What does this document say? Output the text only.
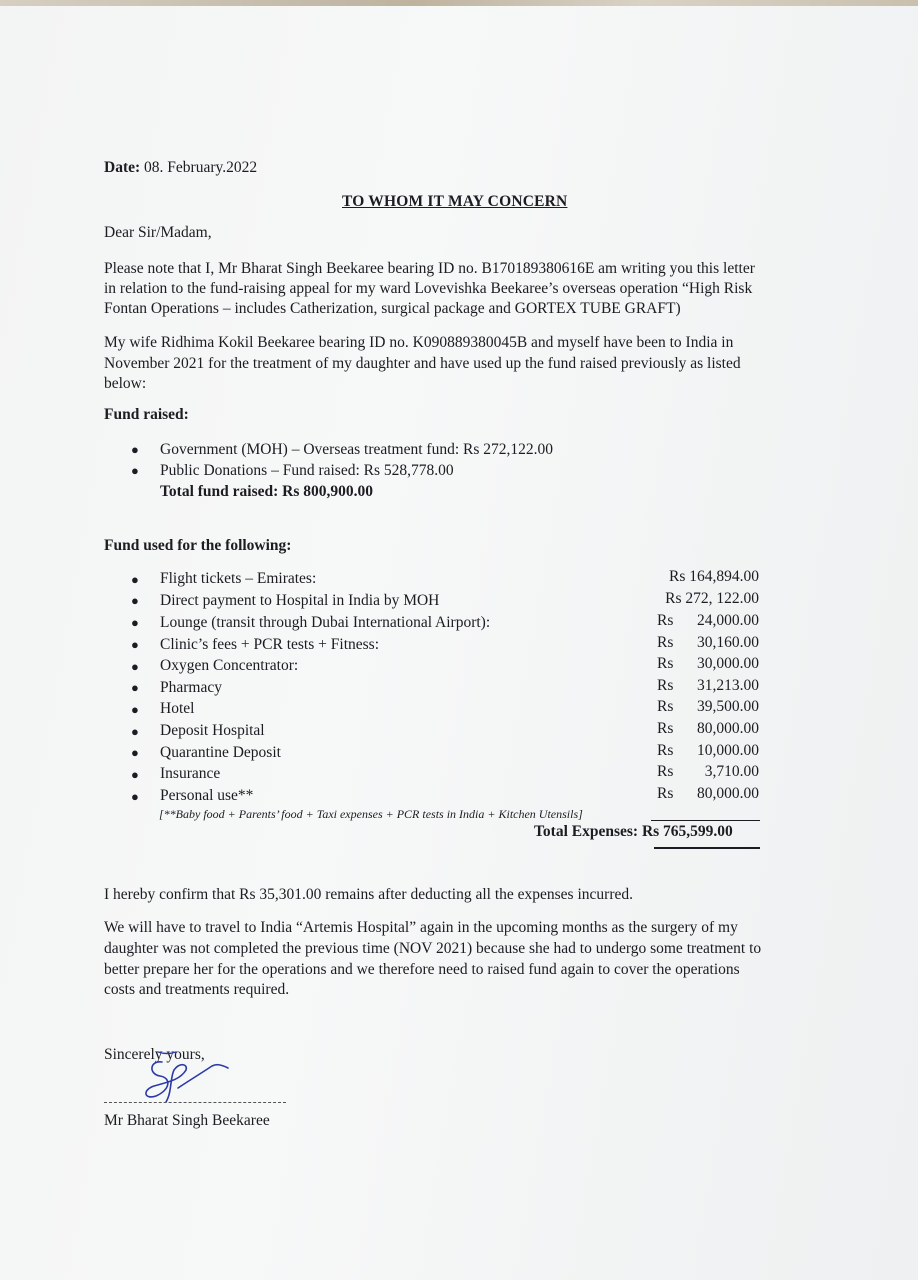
Date: 08. February.2022
TO WHOM IT MAY CONCERN
Dear Sir/Madam,
Please note that I, Mr Bharat Singh Beekaree bearing ID no. B170189380616E am writing you this letter
in relation to the fund-raising appeal for my ward Lovevishka Beekaree’s overseas operation “High Risk
Fontan Operations – includes Catherization, surgical package and GORTEX TUBE GRAFT)
My wife Ridhima Kokil Beekaree bearing ID no. K090889380045B and myself have been to India in
November 2021 for the treatment of my daughter and have used up the fund raised previously as listed
below:
Fund raised:
● Government (MOH) – Overseas treatment fund: Rs 272,122.00
● Public Donations – Fund raised: Rs 528,778.00
Total fund raised: Rs 800,900.00
Fund used for the following:
● Flight tickets – Emirates:	Rs 164,894.00
● Direct payment to Hospital in India by MOH	Rs 272, 122.00
● Lounge (transit through Dubai International Airport):	Rs 24,000.00
● Clinic’s fees + PCR tests + Fitness:	Rs 30,160.00
● Oxygen Concentrator:	Rs 30,000.00
● Pharmacy	Rs 31,213.00
● Hotel	Rs 39,500.00
● Deposit Hospital	Rs 80,000.00
● Quarantine Deposit	Rs 10,000.00
● Insurance	Rs 3,710.00
● Personal use**	Rs 80,000.00
[**Baby food + Parents’ food + Taxi expenses + PCR tests in India + Kitchen Utensils]
Total Expenses: Rs 765,599.00
I hereby confirm that Rs 35,301.00 remains after deducting all the expenses incurred.
We will have to travel to India “Artemis Hospital” again in the upcoming months as the surgery of my
daughter was not completed the previous time (NOV 2021) because she had to undergo some treatment to
better prepare her for the operations and we therefore need to raised fund again to cover the operations
costs and treatments required.
Sincerely yours,
Mr Bharat Singh Beekaree
